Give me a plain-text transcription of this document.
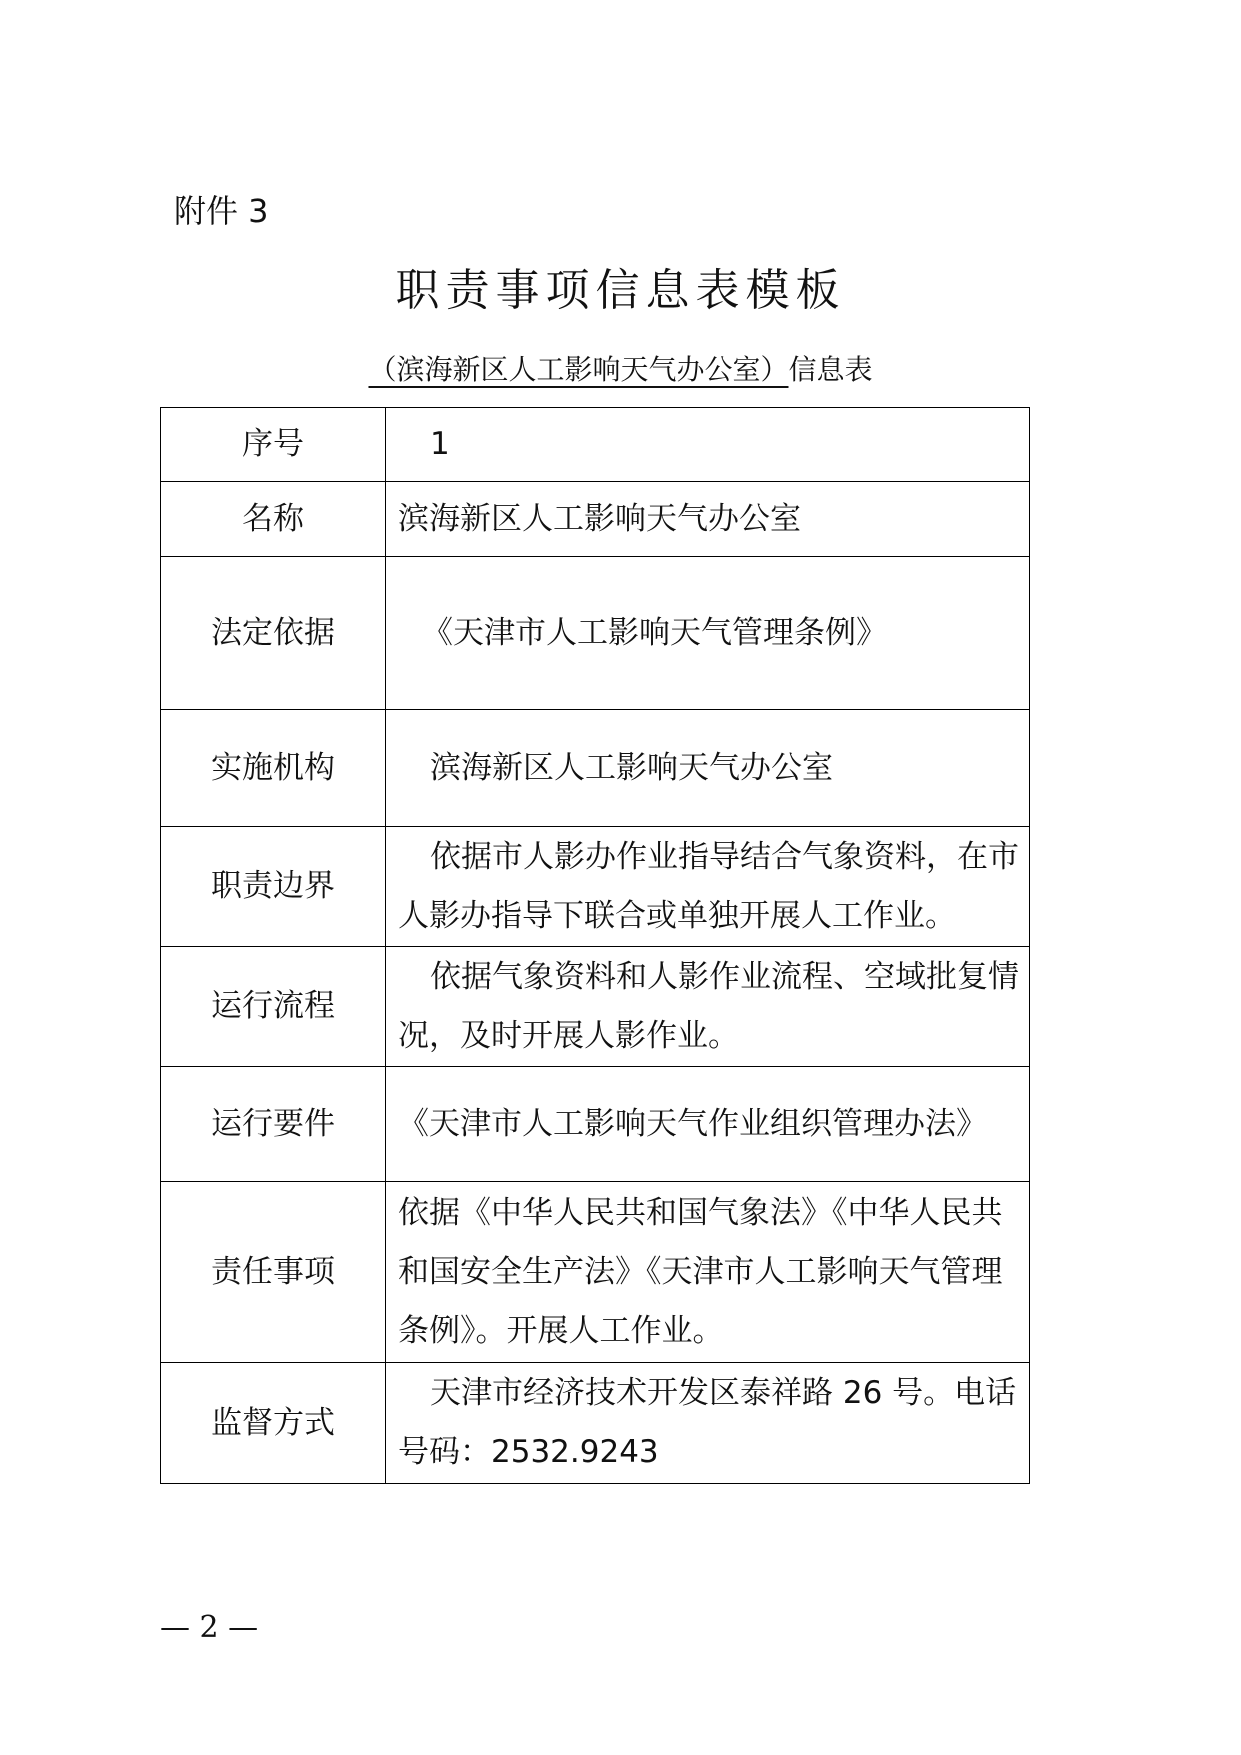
附件 3
职责事项信息表模板
（滨海新区人工影响天气办公室）信息表
序号	1
名称	滨海新区人工影响天气办公室
法定依据	《天津市人工影响天气管理条例》
实施机构	滨海新区人工影响天气办公室
职责边界	依据市人影办作业指导结合气象资料，在市人影办指导下联合或单独开展人工作业。
运行流程	依据气象资料和人影作业流程、空域批复情况，及时开展人影作业。
运行要件	《天津市人工影响天气作业组织管理办法》
责任事项	依据《中华人民共和国气象法》《中华人民共和国安全生产法》《天津市人工影响天气管理条例》。开展人工作业。
监督方式	天津市经济技术开发区泰祥路 26 号。电话号码：2532.9243
— 2 —
